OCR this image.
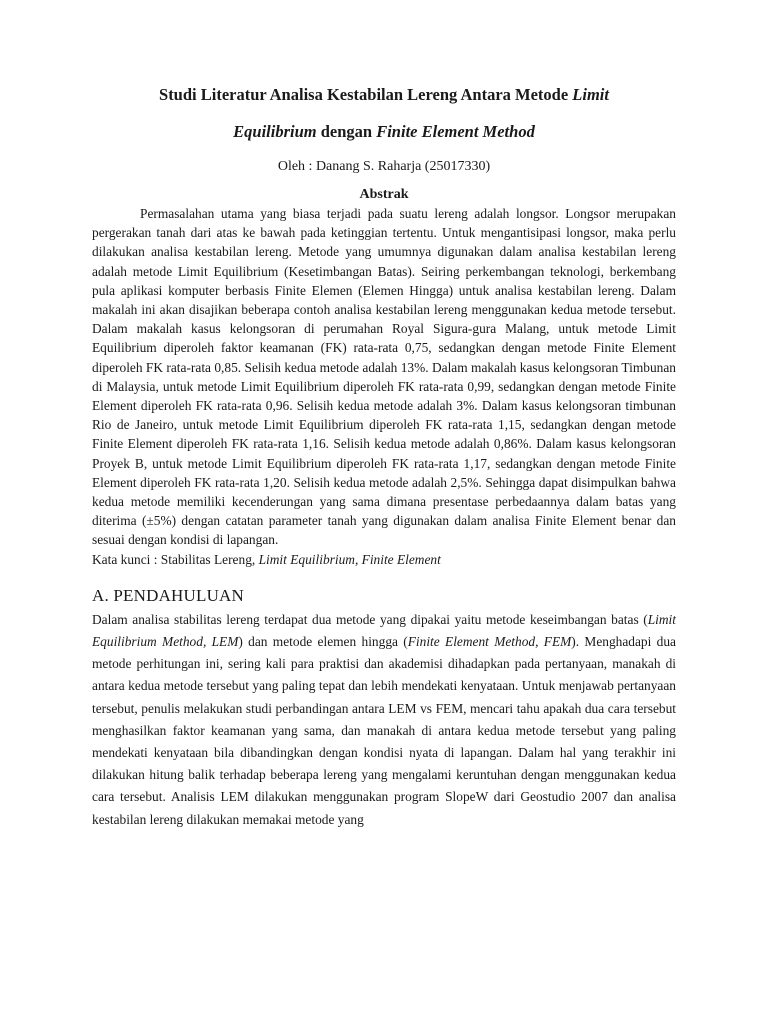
Studi Literatur Analisa Kestabilan Lereng Antara Metode Limit
Equilibrium dengan Finite Element Method
Oleh : Danang S. Raharja (25017330)
Abstrak

Permasalahan utama yang biasa terjadi pada suatu lereng adalah longsor. Longsor merupakan pergerakan tanah dari atas ke bawah pada ketinggian tertentu. Untuk mengantisipasi longsor, maka perlu dilakukan analisa kestabilan lereng. Metode yang umumnya digunakan dalam analisa kestabilan lereng adalah metode Limit Equilibrium (Kesetimbangan Batas). Seiring perkembangan teknologi, berkembang pula aplikasi komputer berbasis Finite Elemen (Elemen Hingga) untuk analisa kestabilan lereng. Dalam makalah ini akan disajikan beberapa contoh analisa kestabilan lereng menggunakan kedua metode tersebut. Dalam makalah kasus kelongsoran di perumahan Royal Sigura-gura Malang, untuk metode Limit Equilibrium diperoleh faktor keamanan (FK) rata-rata 0,75, sedangkan dengan metode Finite Element diperoleh FK rata-rata 0,85. Selisih kedua metode adalah 13%. Dalam makalah kasus kelongsoran Timbunan di Malaysia, untuk metode Limit Equilibrium diperoleh FK rata-rata 0,99, sedangkan dengan metode Finite Element diperoleh FK rata-rata 0,96. Selisih kedua metode adalah 3%. Dalam kasus kelongsoran timbunan Rio de Janeiro, untuk metode Limit Equilibrium diperoleh FK rata-rata 1,15, sedangkan dengan metode Finite Element diperoleh FK rata-rata 1,16. Selisih kedua metode adalah 0,86%. Dalam kasus kelongsoran Proyek B, untuk metode Limit Equilibrium diperoleh FK rata-rata 1,17, sedangkan dengan metode Finite Element diperoleh FK rata-rata 1,20. Selisih kedua metode adalah 2,5%. Sehingga dapat disimpulkan bahwa kedua metode memiliki kecenderungan yang sama dimana presentase perbedaannya dalam batas yang diterima (±5%) dengan catatan parameter tanah yang digunakan dalam analisa Finite Element benar dan sesuai dengan kondisi di lapangan.

Kata kunci : Stabilitas Lereng, Limit Equilibrium, Finite Element

A. PENDAHULUAN

Dalam analisa stabilitas lereng terdapat dua metode yang dipakai yaitu metode keseimbangan batas (Limit Equilibrium Method, LEM) dan metode elemen hingga (Finite Element Method, FEM). Menghadapi dua metode perhitungan ini, sering kali para praktisi dan akademisi dihadapkan pada pertanyaan, manakah di antara kedua metode tersebut yang paling tepat dan lebih mendekati kenyataan. Untuk menjawab pertanyaan tersebut, penulis melakukan studi perbandingan antara LEM vs FEM, mencari tahu apakah dua cara tersebut menghasilkan faktor keamanan yang sama, dan manakah di antara kedua metode tersebut yang paling mendekati kenyataan bila dibandingkan dengan kondisi nyata di lapangan. Dalam hal yang terakhir ini dilakukan hitung balik terhadap beberapa lereng yang mengalami keruntuhan dengan menggunakan kedua cara tersebut. Analisis LEM dilakukan menggunakan program SlopeW dari Geostudio 2007 dan analisa kestabilan lereng dilakukan memakai metode yang
